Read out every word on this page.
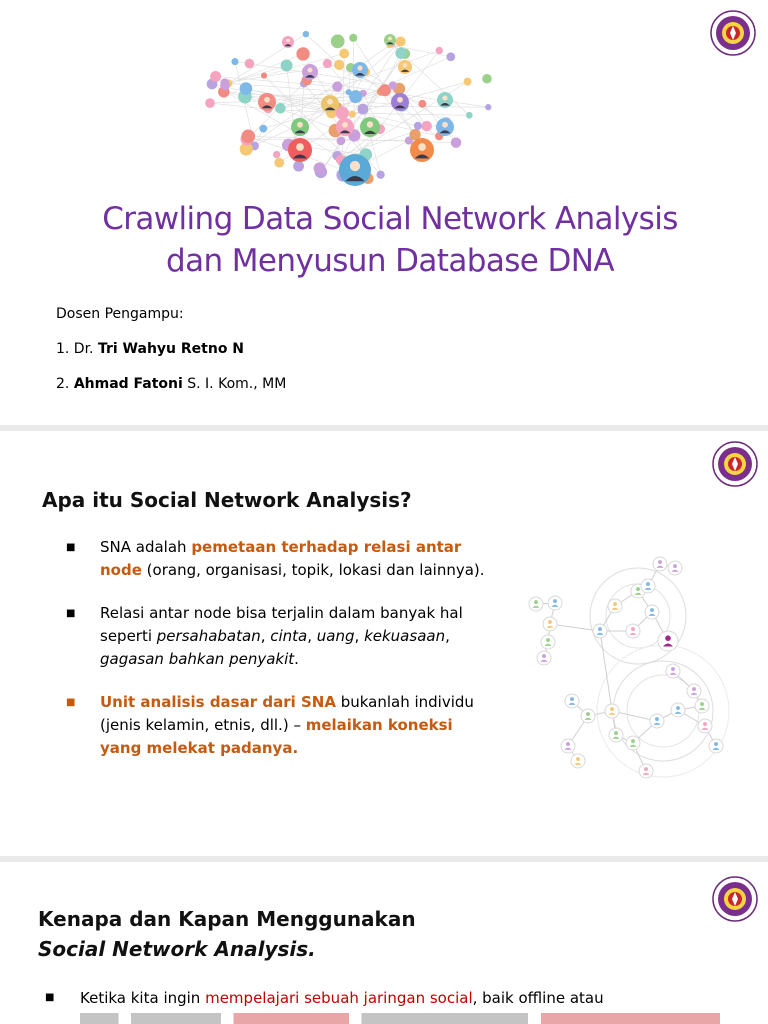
Crawling Data Social Network Analysis
dan Menyusun Database DNA
Dosen Pengampu:
1. Dr. Tri Wahyu Retno N
2. Ahmad Fatoni S. I. Kom., MM
Apa itu Social Network Analysis?
■ SNA adalah pemetaan terhadap relasi antar node (orang, organisasi, topik, lokasi dan lainnya).
■ Relasi antar node bisa terjalin dalam banyak hal seperti persahabatan, cinta, uang, kekuasaan, gagasan bahkan penyakit.
■ Unit analisis dasar dari SNA bukanlah individu (jenis kelamin, etnis, dll.) – melaikan koneksi yang melekat padanya.
Kenapa dan Kapan Menggunakan
Social Network Analysis.
■	Ketika kita ingin mempelajari sebuah jaringan social, baik offline atau
